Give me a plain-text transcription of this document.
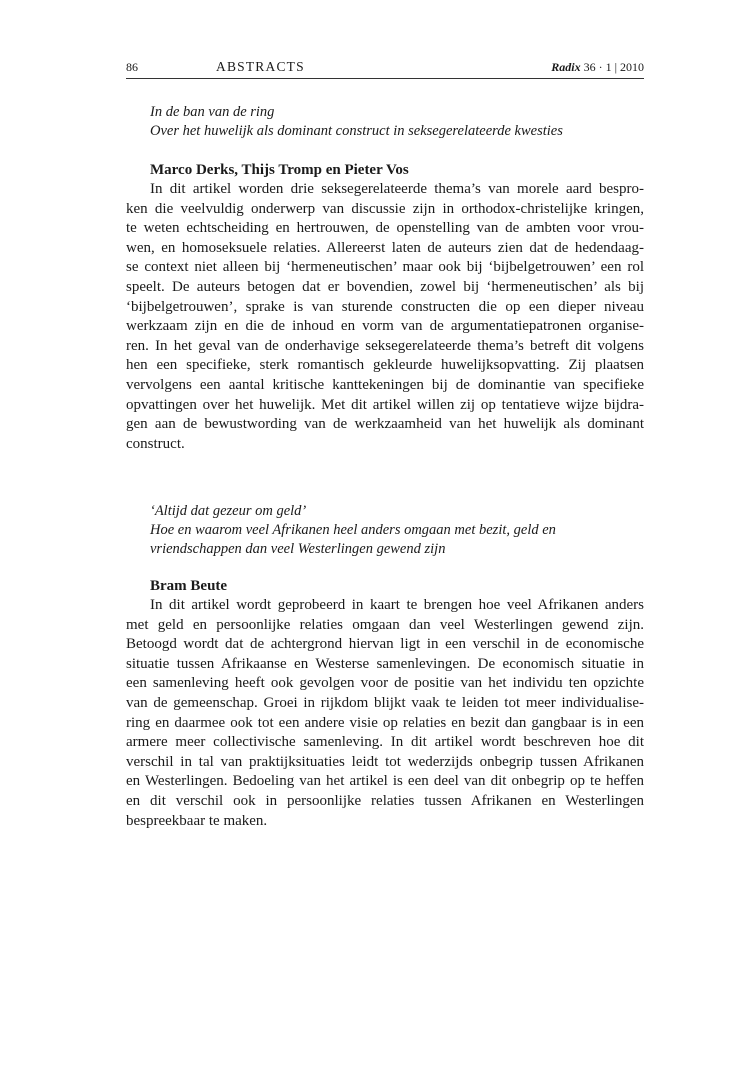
86	ABSTRACTS	Radix 36 · 1 | 2010
In de ban van de ring
Over het huwelijk als dominant construct in seksegerelateerde kwesties
Marco Derks, Thijs Tromp en Pieter Vos
In dit artikel worden drie seksegerelateerde thema’s van morele aard bespro-
ken die veelvuldig onderwerp van discussie zijn in orthodox-christelijke kringen,
te weten echtscheiding en hertrouwen, de openstelling van de ambten voor vrou-
wen, en homoseksuele relaties. Allereerst laten de auteurs zien dat de hedendaag-
se context niet alleen bij ‘hermeneutischen’ maar ook bij ‘bijbelgetrouwen’ een rol
speelt. De auteurs betogen dat er bovendien, zowel bij ‘hermeneutischen’ als bij
‘bijbelgetrouwen’, sprake is van sturende constructen die op een dieper niveau
werkzaam zijn en die de inhoud en vorm van de argumentatiepatronen organise-
ren. In het geval van de onderhavige seksegerelateerde thema’s betreft dit volgens
hen een specifieke, sterk romantisch gekleurde huwelijksopvatting. Zij plaatsen
vervolgens een aantal kritische kanttekeningen bij de dominantie van specifieke
opvattingen over het huwelijk. Met dit artikel willen zij op tentatieve wijze bijdra-
gen aan de bewustwording van de werkzaamheid van het huwelijk als dominant
construct.
‘Altijd dat gezeur om geld’
Hoe en waarom veel Afrikanen heel anders omgaan met bezit, geld en
vriendschappen dan veel Westerlingen gewend zijn
Bram Beute
In dit artikel wordt geprobeerd in kaart te brengen hoe veel Afrikanen anders
met geld en persoonlijke relaties omgaan dan veel Westerlingen gewend zijn.
Betoogd wordt dat de achtergrond hiervan ligt in een verschil in de economische
situatie tussen Afrikaanse en Westerse samenlevingen. De economisch situatie in
een samenleving heeft ook gevolgen voor de positie van het individu ten opzichte
van de gemeenschap. Groei in rijkdom blijkt vaak te leiden tot meer individualise-
ring en daarmee ook tot een andere visie op relaties en bezit dan gangbaar is in een
armere meer collectivische samenleving. In dit artikel wordt beschreven hoe dit
verschil in tal van praktijksituaties leidt tot wederzijds onbegrip tussen Afrikanen
en Westerlingen. Bedoeling van het artikel is een deel van dit onbegrip op te heffen
en dit verschil ook in persoonlijke relaties tussen Afrikanen en Westerlingen
bespreekbaar te maken.
